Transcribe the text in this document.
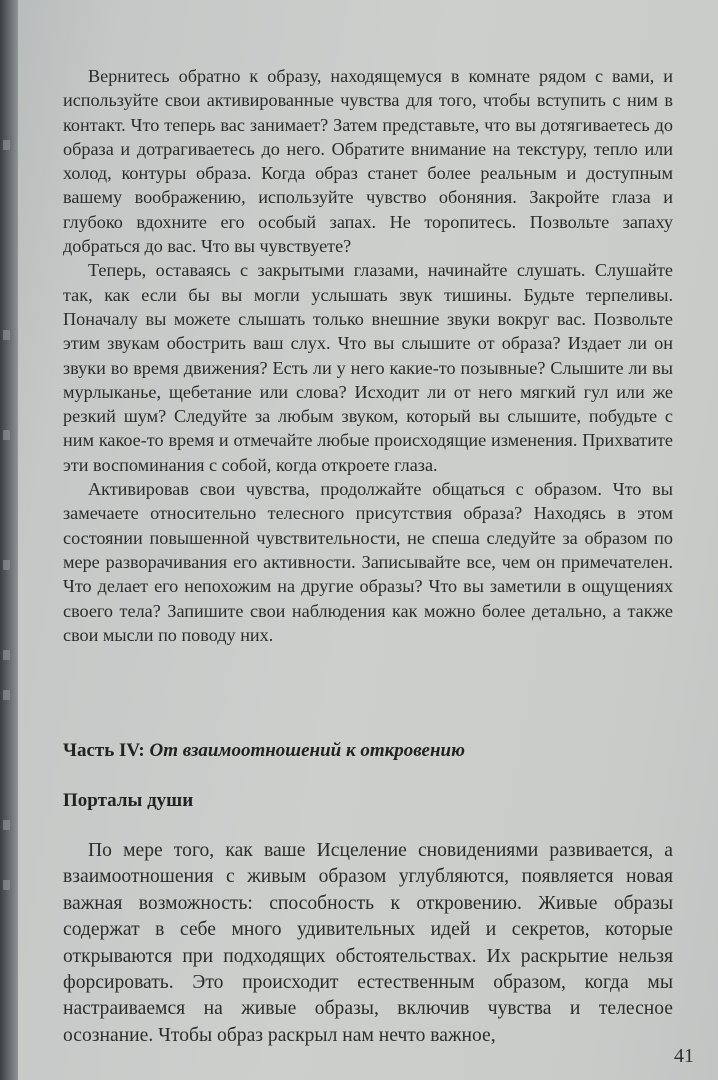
Вернитесь обратно к образу, находящемуся в комнате рядом с вами, и используйте свои активированные чувства для того, чтобы вступить с ним в контакт. Что теперь вас занимает? Затем представьте, что вы дотягиваетесь до образа и дотрагиваетесь до него. Обратите внимание на текстуру, тепло или холод, контуры образа. Когда образ станет более реальным и доступным вашему воображению, используйте чувство обоняния. Закройте глаза и глубоко вдохните его особый запах. Не торопитесь. Позвольте запаху добраться до вас. Что вы чувствуете?

Теперь, оставаясь с закрытыми глазами, начинайте слушать. Слушайте так, как если бы вы могли услышать звук тишины. Будьте терпеливы. Поначалу вы можете слышать только внешние звуки вокруг вас. Позвольте этим звукам обострить ваш слух. Что вы слышите от образа? Издает ли он звуки во время движения? Есть ли у него какие-то позывные? Слышите ли вы мурлыканье, щебетание или слова? Исходит ли от него мягкий гул или же резкий шум? Следуйте за любым звуком, который вы слышите, побудьте с ним какое-то время и отмечайте любые происходящие изменения. Прихватите эти воспоминания с собой, когда откроете глаза.

Активировав свои чувства, продолжайте общаться с образом. Что вы замечаете относительно телесного присутствия образа? Находясь в этом состоянии повышенной чувствительности, не спеша следуйте за образом по мере разворачивания его активности. Записывайте все, чем он примечателен. Что делает его непохожим на другие образы? Что вы заметили в ощущениях своего тела? Запишите свои наблюдения как можно более детально, а также свои мысли по поводу них.

Часть IV: От взаимоотношений к откровению
Порталы души

По мере того, как ваше Исцеление сновидениями развивается, а взаимоотношения с живым образом углубляются, появляется новая важная возможность: способность к откровению. Живые образы содержат в себе много удивительных идей и секретов, которые открываются при подходящих обстоятельствах. Их раскрытие нельзя форсировать. Это происходит естественным образом, когда мы настраиваемся на живые образы, включив чувства и телесное осознание. Чтобы образ раскрыл нам нечто важное,

41
